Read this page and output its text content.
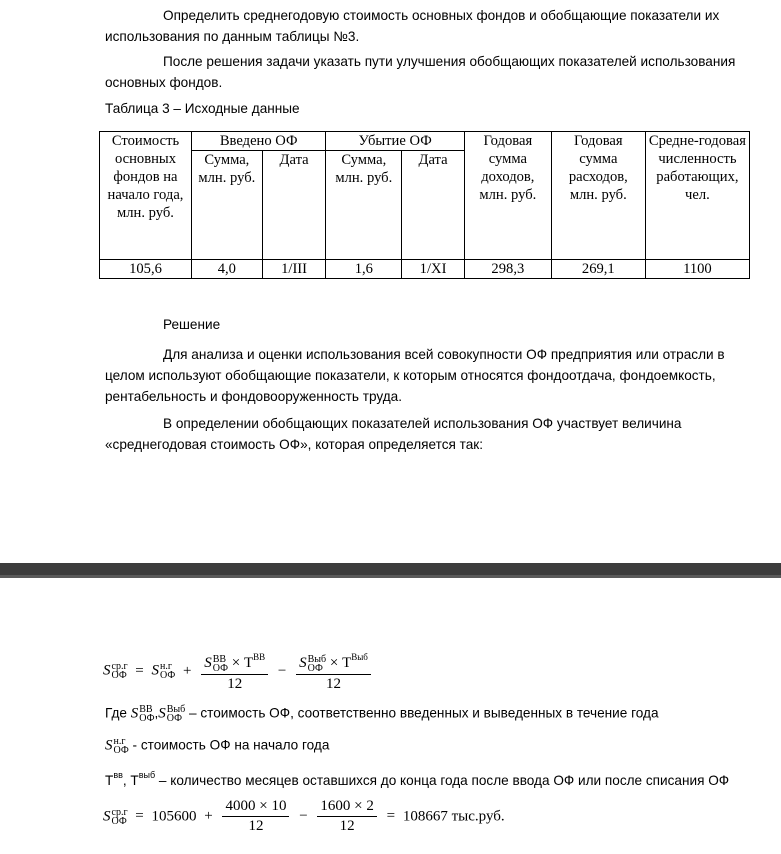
Определить среднегодовую стоимость основных фондов и обобщающие показатели их использования по данным таблицы №3.

После решения задачи указать пути улучшения обобщающих показателей использования основных фондов.

Таблица 3 – Исходные данные
Стоимость основных фондов на начало года, млн. руб.	Введено ОФ		Убытие ОФ		Годовая сумма доходов, млн. руб.	Годовая сумма расходов, млн. руб.	Средне-годовая численность работающих, чел.
	Сумма, млн. руб.	Дата	Сумма, млн. руб.	Дата			
105,6	4,0	1/III	1,6	1/XI	298,3	269,1	1100

Решение

Для анализа и оценки использования всей совокупности ОФ предприятия или отрасли в целом используют обобщающие показатели, к которым относятся фондоотдача, фондоемкость, рентабельность и фондовооруженность труда.

В определении обобщающих показателей использования ОФ участвует величина «среднегодовая стоимость ОФ», которая определяется так:

S ср.г
ОФ = S н.г
ОФ + S ВВ
ОФ × $Т^{ВВ}$
12 − S Выб
ОФ × $Т^{Выб}$
12
Где S ВВ
ОФ ,S Выб
ОФ – стоимость ОФ, соответственно введенных и выведенных в течение года
S н.г
ОФ - стоимость ОФ на начало года
$Т^{вв}$, $Т^{выб}$ – количество месяцев оставшихся до конца года после ввода ОФ или после списания ОФ
S ср.г
ОФ = $105600 + \frac{4000 \times 10}{12} - \frac{1600 \times 2}{12} = 108667$ тыс.руб.
